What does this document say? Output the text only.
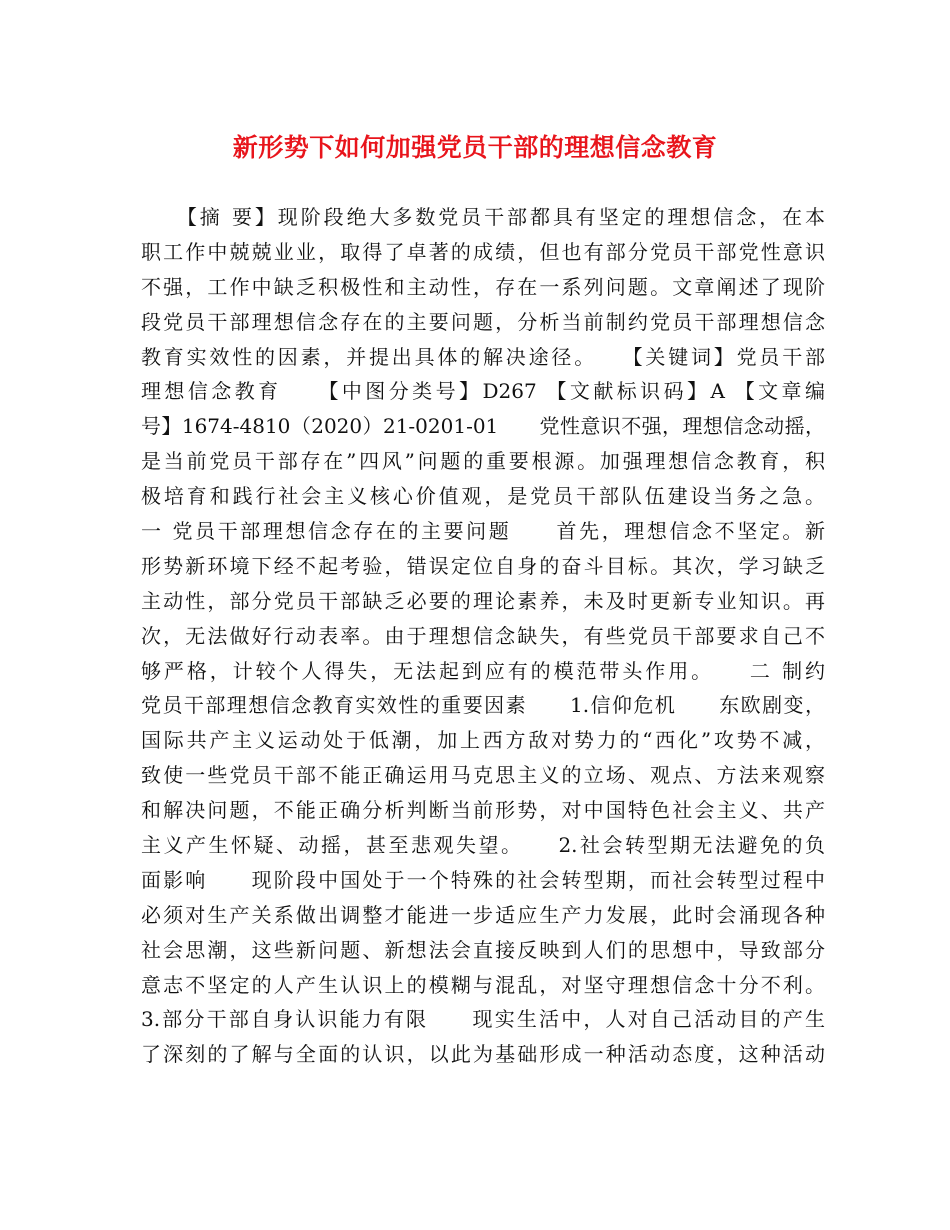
新形势下如何加强党员干部的理想信念教育
　　【摘 要】现阶段绝大多数党员干部都具有坚定的理想信念，在本
职工作中兢兢业业，取得了卓著的成绩，但也有部分党员干部党性意识
不强，工作中缺乏积极性和主动性，存在一系列问题。文章阐述了现阶
段党员干部理想信念存在的主要问题，分析当前制约党员干部理想信念
教育实效性的因素，并提出具体的解决途径。　　【关键词】党员干部
理想信念教育　　【中图分类号】D267 【文献标识码】A 【文章编
号】1674-4810（2020）21-0201-01　　党性意识不强，理想信念动摇，
是当前党员干部存在”四风”问题的重要根源。加强理想信念教育，积
极培育和践行社会主义核心价值观，是党员干部队伍建设当务之急。
一 党员干部理想信念存在的主要问题　　首先，理想信念不坚定。新
形势新环境下经不起考验，错误定位自身的奋斗目标。其次，学习缺乏
主动性，部分党员干部缺乏必要的理论素养，未及时更新专业知识。再
次，无法做好行动表率。由于理想信念缺失，有些党员干部要求自己不
够严格，计较个人得失，无法起到应有的模范带头作用。　　二 制约
党员干部理想信念教育实效性的重要因素　　1.信仰危机　　东欧剧变，
国际共产主义运动处于低潮，加上西方敌对势力的“西化”攻势不减，
致使一些党员干部不能正确运用马克思主义的立场、观点、方法来观察
和解决问题，不能正确分析判断当前形势，对中国特色社会主义、共产
主义产生怀疑、动摇，甚至悲观失望。　　2.社会转型期无法避免的负
面影响　　现阶段中国处于一个特殊的社会转型期，而社会转型过程中
必须对生产关系做出调整才能进一步适应生产力发展，此时会涌现各种
社会思潮，这些新问题、新想法会直接反映到人们的思想中，导致部分
意志不坚定的人产生认识上的模糊与混乱，对坚守理想信念十分不利。
3.部分干部自身认识能力有限　　现实生活中，人对自己活动目的产生
了深刻的了解与全面的认识，以此为基础形成一种活动态度，这种活动
